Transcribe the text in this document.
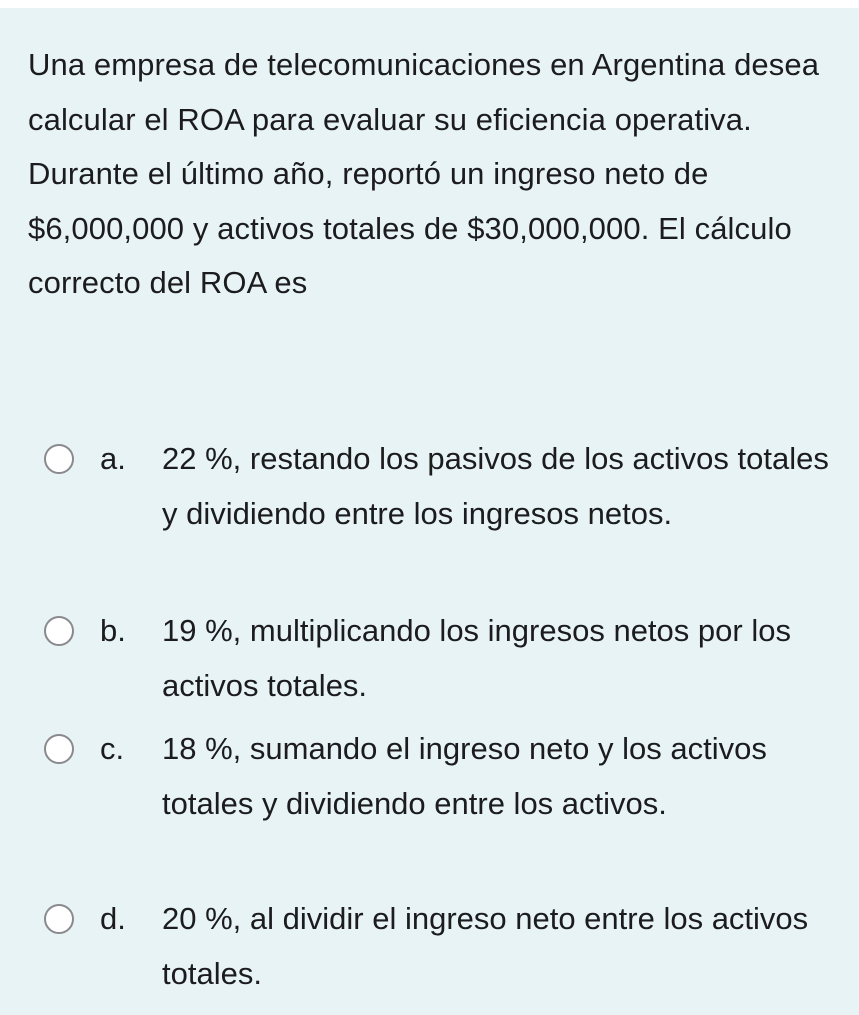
Una empresa de telecomunicaciones en Argentina desea calcular el ROA para evaluar su eficiencia operativa. Durante el último año, reportó un ingreso neto de $6,000,000 y activos totales de $30,000,000. El cálculo correcto del ROA es

a.	22 %, restando los pasivos de los activos totales y dividiendo entre los ingresos netos.
b.	19 %, multiplicando los ingresos netos por los activos totales.
c.	18 %, sumando el ingreso neto y los activos totales y dividiendo entre los activos.
d.	20 %, al dividir el ingreso neto entre los activos totales.
